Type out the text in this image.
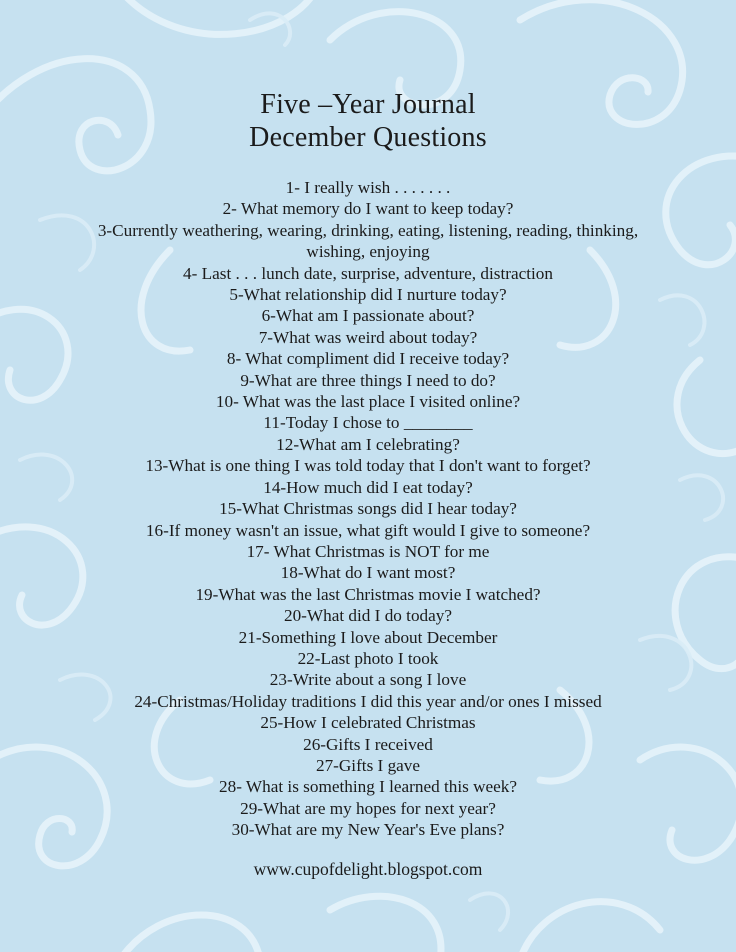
Five –Year Journal
December Questions
1- I really wish . . . . . . .
2- What memory do I want to keep today?
3-Currently weathering, wearing, drinking, eating, listening, reading, thinking, wishing, enjoying
4- Last . . . lunch date, surprise, adventure, distraction
5-What relationship did I nurture today?
6-What am I passionate about?
7-What was weird about today?
8- What compliment did I receive today?
9-What are three things I need to do?
10- What was the last place I visited online?
11-Today I chose to ________
12-What am I celebrating?
13-What is one thing I was told today that I don't want to forget?
14-How much did I eat today?
15-What Christmas songs did I hear today?
16-If money wasn't an issue, what gift would I give to someone?
17- What Christmas is NOT for me
18-What do I want most?
19-What was the last Christmas movie I watched?
20-What did I do today?
21-Something I love about December
22-Last photo I took
23-Write about a song I love
24-Christmas/Holiday traditions I did this year and/or ones I missed
25-How I celebrated Christmas
26-Gifts I received
27-Gifts I gave
28- What is something I learned this week?
29-What are my hopes for next year?
30-What are my New Year's Eve plans?
www.cupofdelight.blogspot.com
